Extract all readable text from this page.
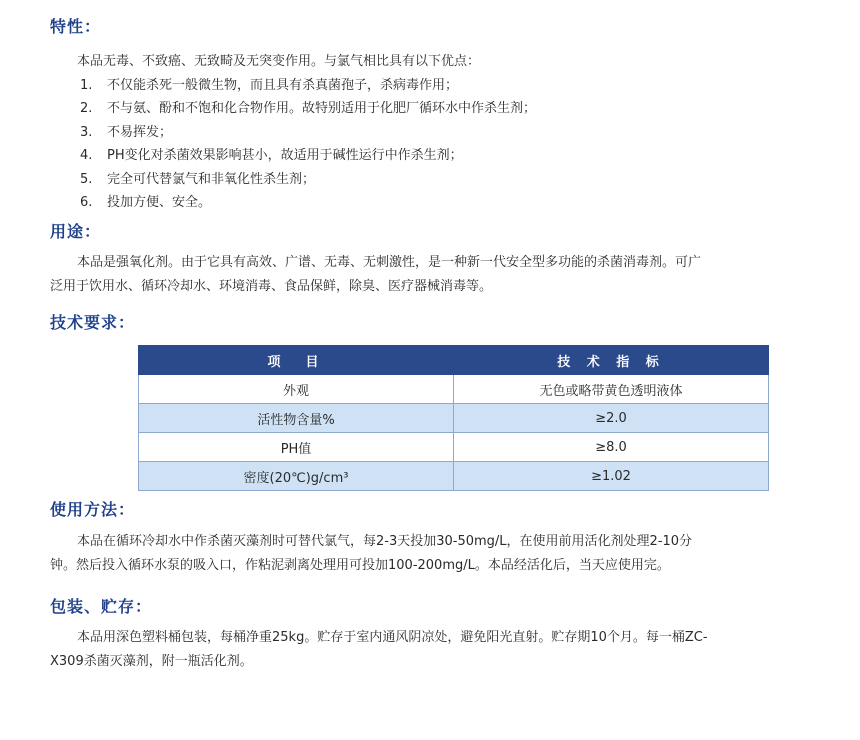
特性：
本品无毒、不致癌、无致畸及无突变作用。与氯气相比具有以下优点：
1.	不仅能杀死一般微生物，而且具有杀真菌孢子，杀病毒作用；
2.	不与氨、酚和不饱和化合物作用。故特别适用于化肥厂循环水中作杀生剂；
3.	不易挥发；
4.	PH变化对杀菌效果影响甚小，故适用于碱性运行中作杀生剂；
5.	完全可代替氯气和非氧化性杀生剂；
6.	投加方便、安全。
用途：
本品是强氧化剂。由于它具有高效、广谱、无毒、无刺激性，是一种新一代安全型多功能的杀菌消毒剂。可广
泛用于饮用水、循环冷却水、环境消毒、食品保鲜，除臭、医疗器械消毒等。
技术要求：
项　目	技 术 指 标
外观	无色或略带黄色透明液体
活性物含量%	≥2.0
PH值	≥8.0
密度(20℃)g/cm³	≥1.02
使用方法：
本品在循环冷却水中作杀菌灭藻剂时可替代氯气，每2-3天投加30-50mg/L，在使用前用活化剂处理2-10分
钟。然后投入循环水泵的吸入口，作粘泥剥离处理用可投加100-200mg/L。本品经活化后，当天应使用完。
包装、贮存：
本品用深色塑料桶包装，每桶净重25kg。贮存于室内通风阴凉处，避免阳光直射。贮存期10个月。每一桶ZC-
X309杀菌灭藻剂，附一瓶活化剂。
